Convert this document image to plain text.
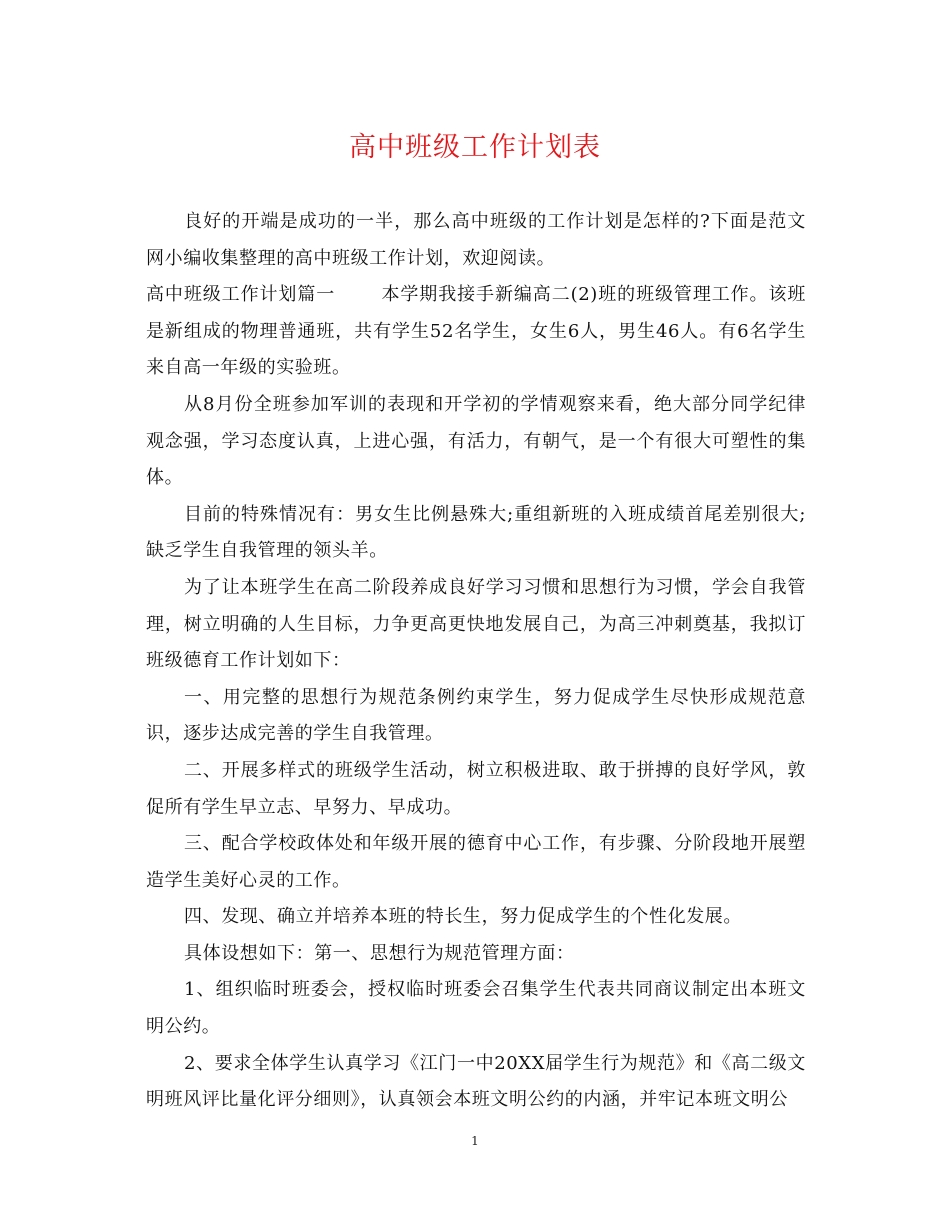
高中班级工作计划表

良好的开端是成功的一半，那么高中班级的工作计划是怎样的?下面是范文网小编收集整理的高中班级工作计划，欢迎阅读。

高中班级工作计划篇一	本学期我接手新编高二(2)班的班级管理工作。该班是新组成的物理普通班，共有学生52名学生，女生6人，男生46人。有6名学生来自高一年级的实验班。

从8月份全班参加军训的表现和开学初的学情观察来看，绝大部分同学纪律观念强，学习态度认真，上进心强，有活力，有朝气，是一个有很大可塑性的集体。

目前的特殊情况有：男女生比例悬殊大;重组新班的入班成绩首尾差别很大;缺乏学生自我管理的领头羊。

为了让本班学生在高二阶段养成良好学习习惯和思想行为习惯，学会自我管理，树立明确的人生目标，力争更高更快地发展自己，为高三冲刺奠基，我拟订班级德育工作计划如下：

一、用完整的思想行为规范条例约束学生，努力促成学生尽快形成规范意识，逐步达成完善的学生自我管理。

二、开展多样式的班级学生活动，树立积极进取、敢于拼搏的良好学风，敦促所有学生早立志、早努力、早成功。

三、配合学校政体处和年级开展的德育中心工作，有步骤、分阶段地开展塑造学生美好心灵的工作。

四、发现、确立并培养本班的特长生，努力促成学生的个性化发展。

具体设想如下：第一、思想行为规范管理方面：

1、组织临时班委会，授权临时班委会召集学生代表共同商议制定出本班文明公约。

2、要求全体学生认真学习《江门一中20XX届学生行为规范》和《高二级文明班风评比量化评分细则》，认真领会本班文明公约的内涵，并牢记本班文明公

1
